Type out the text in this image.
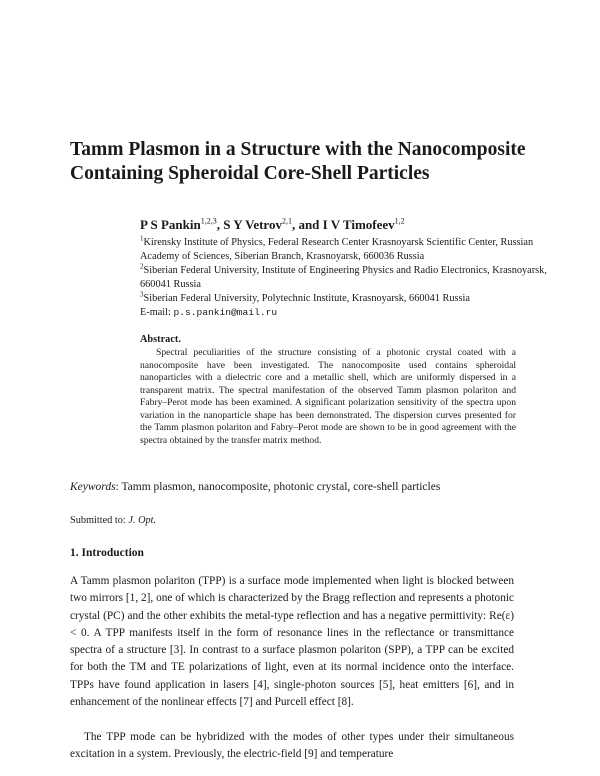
Tamm Plasmon in a Structure with the Nanocomposite Containing Spheroidal Core-Shell Particles
P S Pankin$^{1,2,3}$, S Y Vetrov$^{2,1}$, and I V Timofeev$^{1,2}$
$^1$Kirensky Institute of Physics, Federal Research Center Krasnoyarsk Scientific Center, Russian Academy of Sciences, Siberian Branch, Krasnoyarsk, 660036 Russia
$^2$Siberian Federal University, Institute of Engineering Physics and Radio Electronics, Krasnoyarsk, 660041 Russia
$^3$Siberian Federal University, Polytechnic Institute, Krasnoyarsk, 660041 Russia
E-mail: p.s.pankin@mail.ru
Abstract.
Spectral peculiarities of the structure consisting of a photonic crystal coated with a nanocomposite have been investigated. The nanocomposite used contains spheroidal nanoparticles with a dielectric core and a metallic shell, which are uniformly dispersed in a transparent matrix. The spectral manifestation of the observed Tamm plasmon polariton and Fabry–Perot mode has been examined. A significant polarization sensitivity of the spectra upon variation in the nanoparticle shape has been demonstrated. The dispersion curves presented for the Tamm plasmon polariton and Fabry–Perot mode are shown to be in good agreement with the spectra obtained by the transfer matrix method.
Keywords: Tamm plasmon, nanocomposite, photonic crystal, core-shell particles
Submitted to: J. Opt.
1. Introduction
A Tamm plasmon polariton (TPP) is a surface mode implemented when light is blocked between two mirrors [1, 2], one of which is characterized by the Bragg reflection and represents a photonic crystal (PC) and the other exhibits the metal-type reflection and has a negative permittivity: Re(ε) < 0. A TPP manifests itself in the form of resonance lines in the reflectance or transmittance spectra of a structure [3]. In contrast to a surface plasmon polariton (SPP), a TPP can be excited for both the TM and TE polarizations of light, even at its normal incidence onto the interface. TPPs have found application in lasers [4], single-photon sources [5], heat emitters [6], and in enhancement of the nonlinear effects [7] and Purcell effect [8].
The TPP mode can be hybridized with the modes of other types under their simultaneous excitation in a system. Previously, the electric-field [9] and temperature
